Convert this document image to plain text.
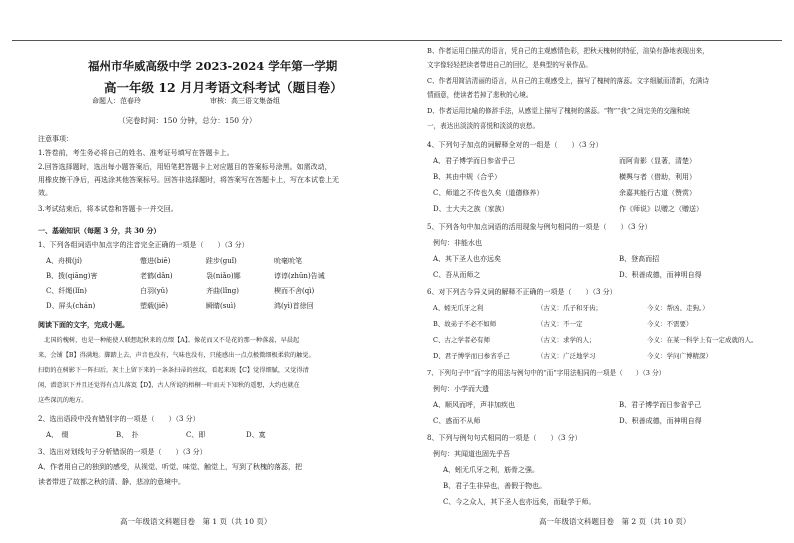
福州市华威高级中学 2023-2024 学年第一学期
高一年级 12 月月考语文科考试（题目卷）
命题人：范春玲	审核：高三语文集备组
（完卷时间：150 分钟，总分：150 分）
注意事项：
1.答卷前，考生务必将自己的姓名、准考证号填写在答题卡上。
2.回答选择题时，选出每小题答案后，用铅笔把答题卡上对应题目的答案标号涂黑。如需改动，
用橡皮擦干净后，再选涂其他答案标号。回答非选择题时，将答案写在答题卡上，写在本试卷上无
效。
3.考试结束后，将本试卷和答题卡一并交回。
一、基础知识（每题 3 分，共 30 分）
1、下列各组词语中加点字的注音完全正确的一项是（　　）（3 分）
A、舟楫(jí)	蹩进(biē)	跬步(guǐ)	吮毫吮笔
B、拨(qiāng)害	老鹤(dǎn)	袅(niǎo)娜	谆谆(zhūn)告诫
C、纤绳(lǐn)	白羽(yǔ)	齐曲(lǐng)	楔而不舍(qì)
D、屏头(chán)	塑载(jiē)	瞬睛(suì)	鸿(yì)首徐回
阅读下面的文字，完成小题。
　北国的槐树，也是一种能使人联想起秋来的点缀【A】。像花而又不是花的那一种落蕊，早晨起
来，会铺【B】得满地。脚踏上去，声音也没有，气味也没有，只能感出一点点极微细极柔软的触觉。
扫街的在树影下一阵扫后，灰土上留下来的一条条扫帚的丝纹，看起来既【C】觉得细腻，又觉得清
闲，潜意识下并且还觉得有点儿落寞【D】，古人所说的梧桐一叶而天下知秋的遥想，大约也就在
这些深沉的地方。
2、选出语段中没有错别字的一项是（　　）（3 分）
A、　缀	B、　扑	C、即	D、寞
3、选出对划线句子分析错误的一项是（　　）（3 分）
A、作者用自己的独到的感受，从视觉、听觉、味觉、触觉上，写到了秋槐的落蕊，把
读者带进了故都之秋的清、静、悲凉的意境中。
高一年级语文科题目卷　第 1 页（共 10 页）
B、作者运用白描式的语言，凭自己的主观感情色彩，把秋天槐树的特征，渲染有静地表现出来，
文字像轻轻把读者带进自己的回忆，是典型的写景作品。
C、作者用简洁清丽的语言，从自己的主观感受上，描写了槐树的落蕊。文字细腻而清新，充满诗
情画意，使读者若掉了悲秋的心境。
D、作者运用比喻的修辞手法，从感觉上描写了槐树的落蕊。“物”“我”之间完美的交融和统
一，表达出淡淡的喜悦和淡淡的哀愁。
4、下列句子加点的词解释全对的一组是（　　）（3 分）
A、君子博学而日参省乎己	而阿肯影（显著，清楚）
B、其由中规（合乎）	横舆与者（借助，利用）
C、师道之不传也久矣（道德修养）	余嘉其能行古道（赞赏）
D、士大夫之族（家族）	作《师说》以赠之（赠送）
5、下列各句中加点词语的活用现象与例句相同的一项是（　　）（3 分）
例句：非能水也
A、其下圣人也亦远矣	B、登高而招
C、吾从而师之	D、积善成德，而神明自得
6、对下列古今异义词的解释不正确的一项是（　　）（3 分）
A、蚓无爪牙之利	（古义：爪子和牙齿；	今义：帮凶、走狗。）
B、故弟子不必不如师	（古义：不一定	今义：不需要）
C、古之学者必有师	（古义：求学的人；	今义：在某一科学上有一定成就的人。
D、君子博学而日参省乎己	（古义：广泛地学习	今义：学问广博精深）
7、下列句子中“而”字的用法与例句中的“而”字用法相同的一项是（　　）（3 分）
例句：小学而大遗
A、顺风而呼，声非加疾也	B、君子博学而日参省乎己
C、惑而不从师	D、积善成德，而神明自得
8、下列与例句句式相同的一项是（　　）（3 分）
例句：其闻道也固先乎吾
A、蚓无爪牙之利，筋骨之强。
B、君子生非异也，善假于物也。
C、今之众人，其下圣人也亦远矣，而耻学于师。
高一年级语文科题目卷　第 2 页（共 10 页）
